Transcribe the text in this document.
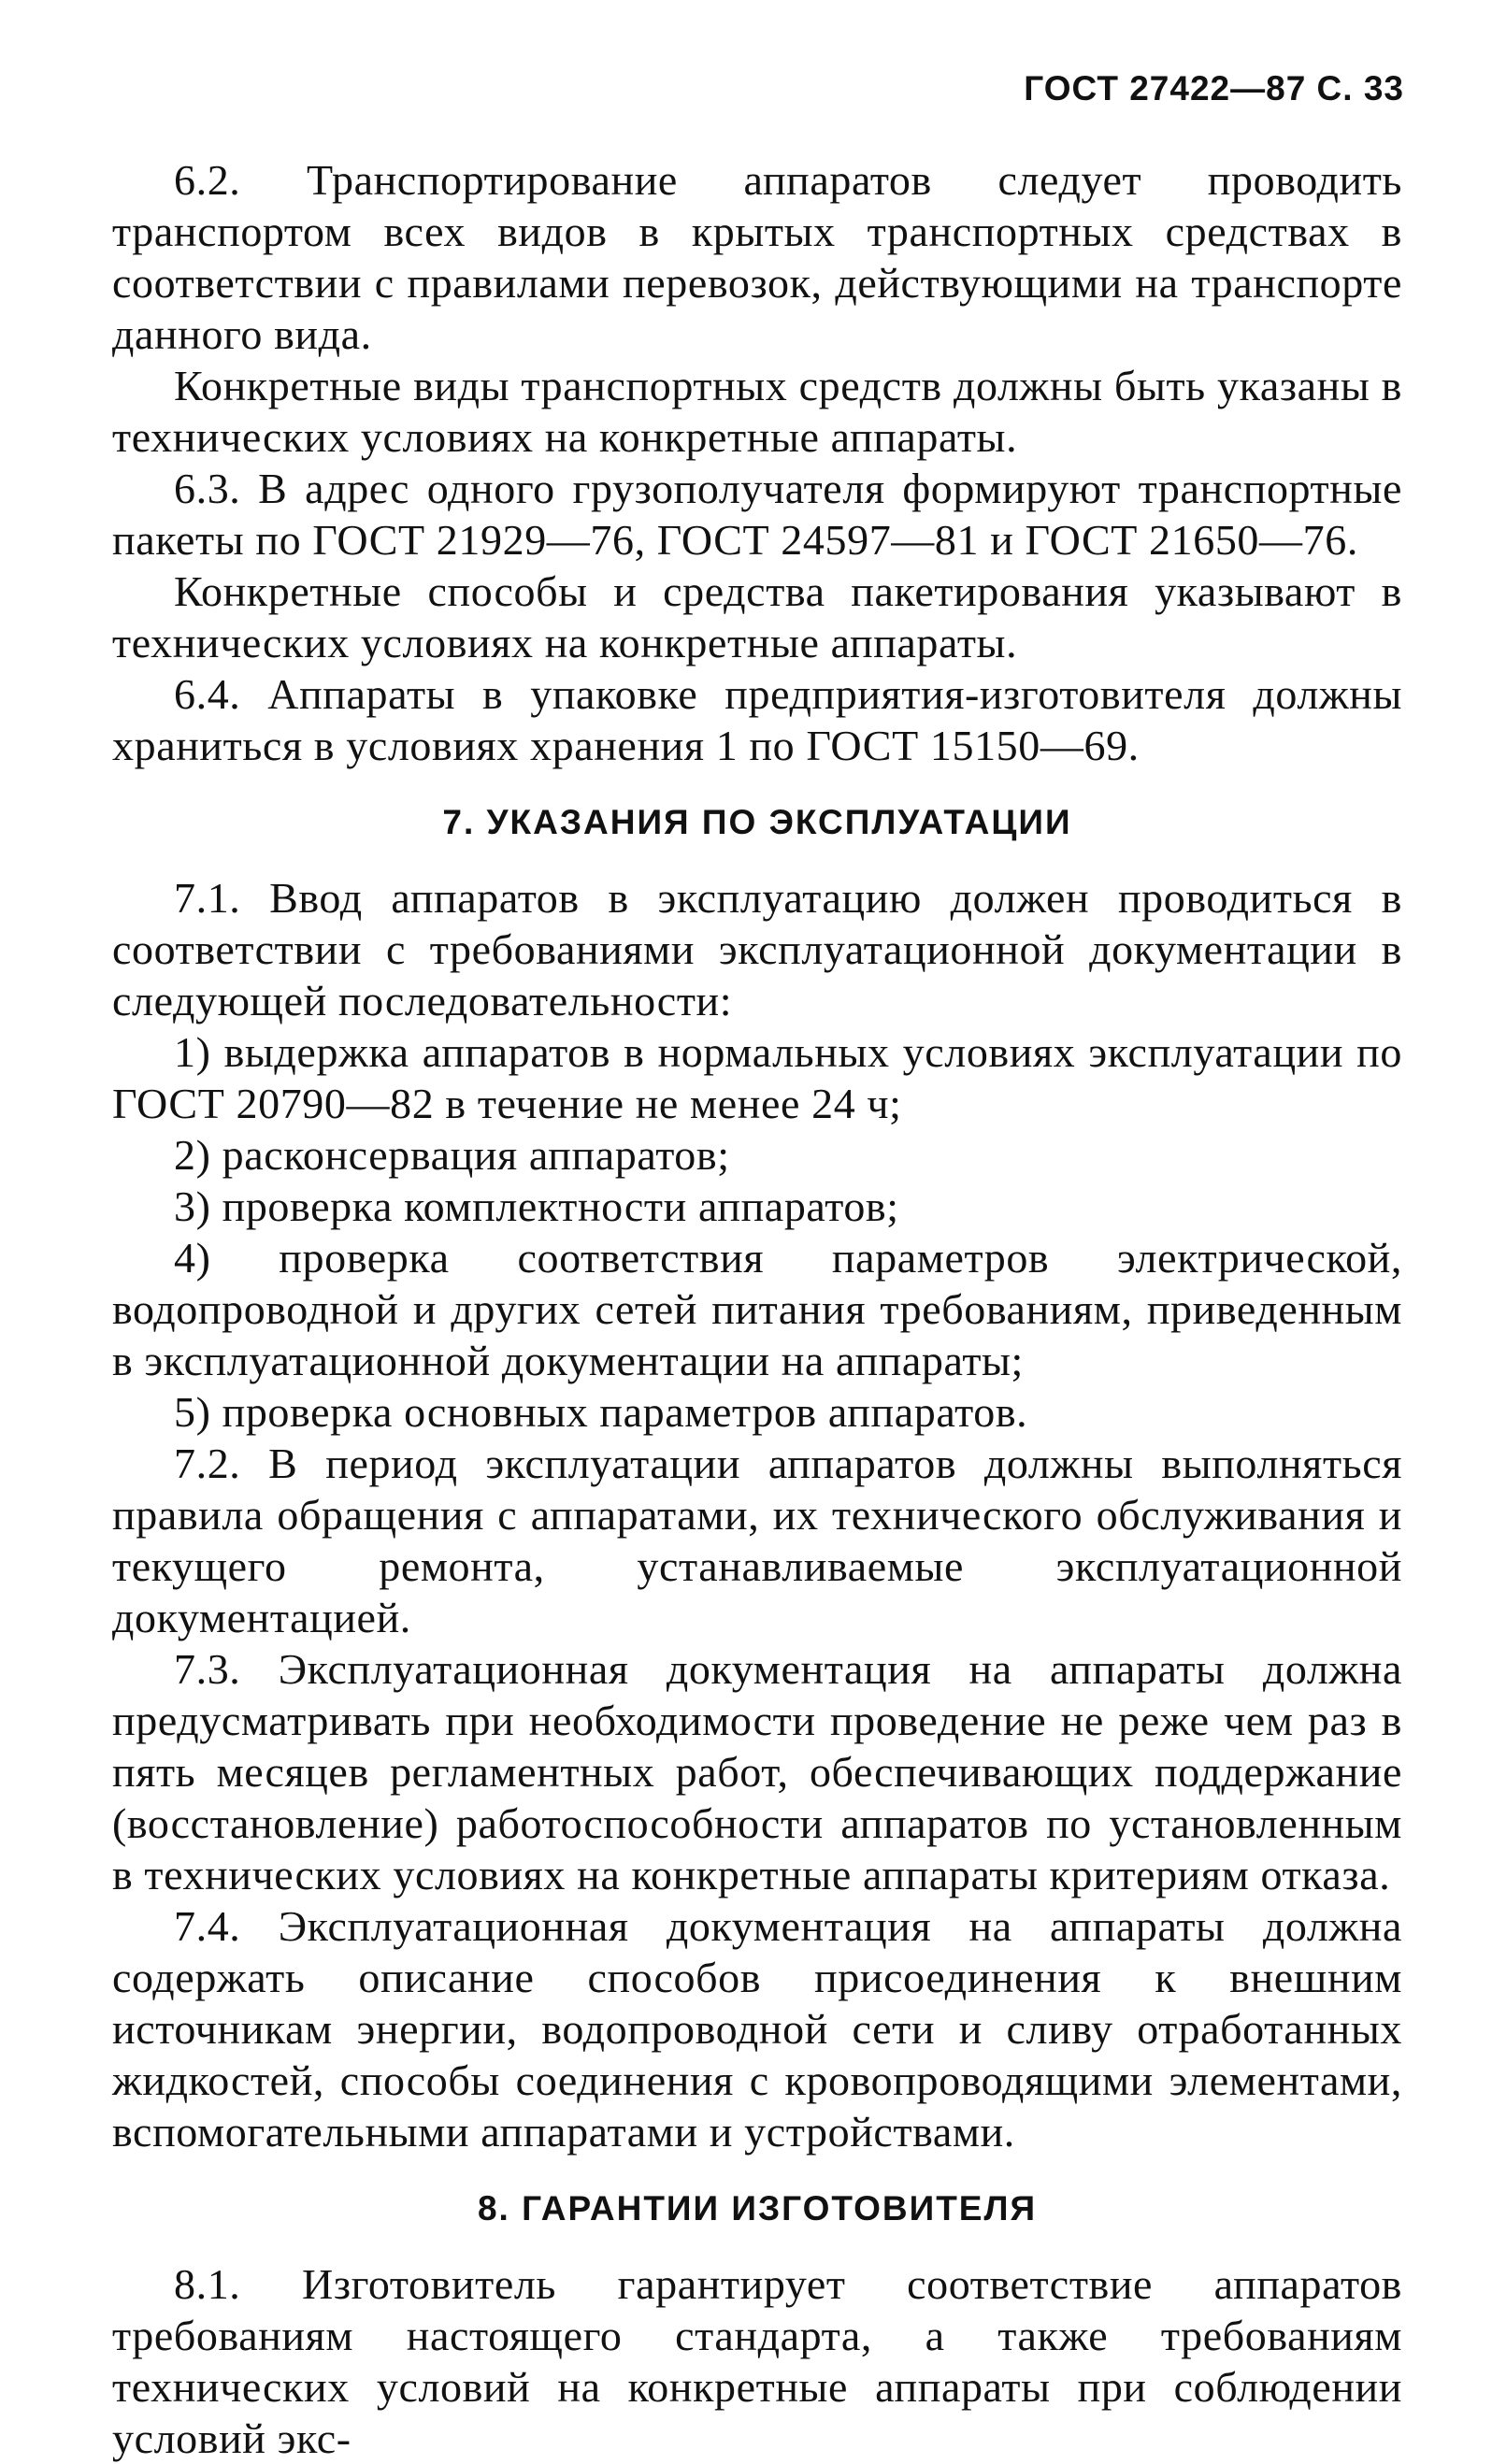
ГОСТ 27422—87 С. 33

6.2. Транспортирование аппаратов следует проводить транспортом всех видов в крытых транспортных средствах в соответствии с правилами перевозок, действующими на транспорте данного вида.

Конкретные виды транспортных средств должны быть указаны в технических условиях на конкретные аппараты.

6.3. В адрес одного грузополучателя формируют транспортные пакеты по ГОСТ 21929—76, ГОСТ 24597—81 и ГОСТ 21650—76.

Конкретные способы и средства пакетирования указывают в технических условиях на конкретные аппараты.

6.4. Аппараты в упаковке предприятия-изготовителя должны храниться в условиях хранения 1 по ГОСТ 15150—69.

7. УКАЗАНИЯ ПО ЭКСПЛУАТАЦИИ

7.1. Ввод аппаратов в эксплуатацию должен проводиться в соответствии с требованиями эксплуатационной документации в следующей последовательности:

1) выдержка аппаратов в нормальных условиях эксплуатации по ГОСТ 20790—82 в течение не менее 24 ч;

2) расконсервация аппаратов;

3) проверка комплектности аппаратов;

4) проверка соответствия параметров электрической, водопроводной и других сетей питания требованиям, приведенным в эксплуатационной документации на аппараты;

5) проверка основных параметров аппаратов.

7.2. В период эксплуатации аппаратов должны выполняться правила обращения с аппаратами, их технического обслуживания и текущего ремонта, устанавливаемые эксплуатационной документацией.

7.3. Эксплуатационная документация на аппараты должна предусматривать при необходимости проведение не реже чем раз в пять месяцев регламентных работ, обеспечивающих поддержание (восстановление) работоспособности аппаратов по установленным в технических условиях на конкретные аппараты критериям отказа.

7.4. Эксплуатационная документация на аппараты должна содержать описание способов присоединения к внешним источникам энергии, водопроводной сети и сливу отработанных жидкостей, способы соединения с кровопроводящими элементами, вспомогательными аппаратами и устройствами.

8. ГАРАНТИИ ИЗГОТОВИТЕЛЯ

8.1. Изготовитель гарантирует соответствие аппаратов требованиям настоящего стандарта, а также требованиям технических условий на конкретные аппараты при соблюдении условий экс-
